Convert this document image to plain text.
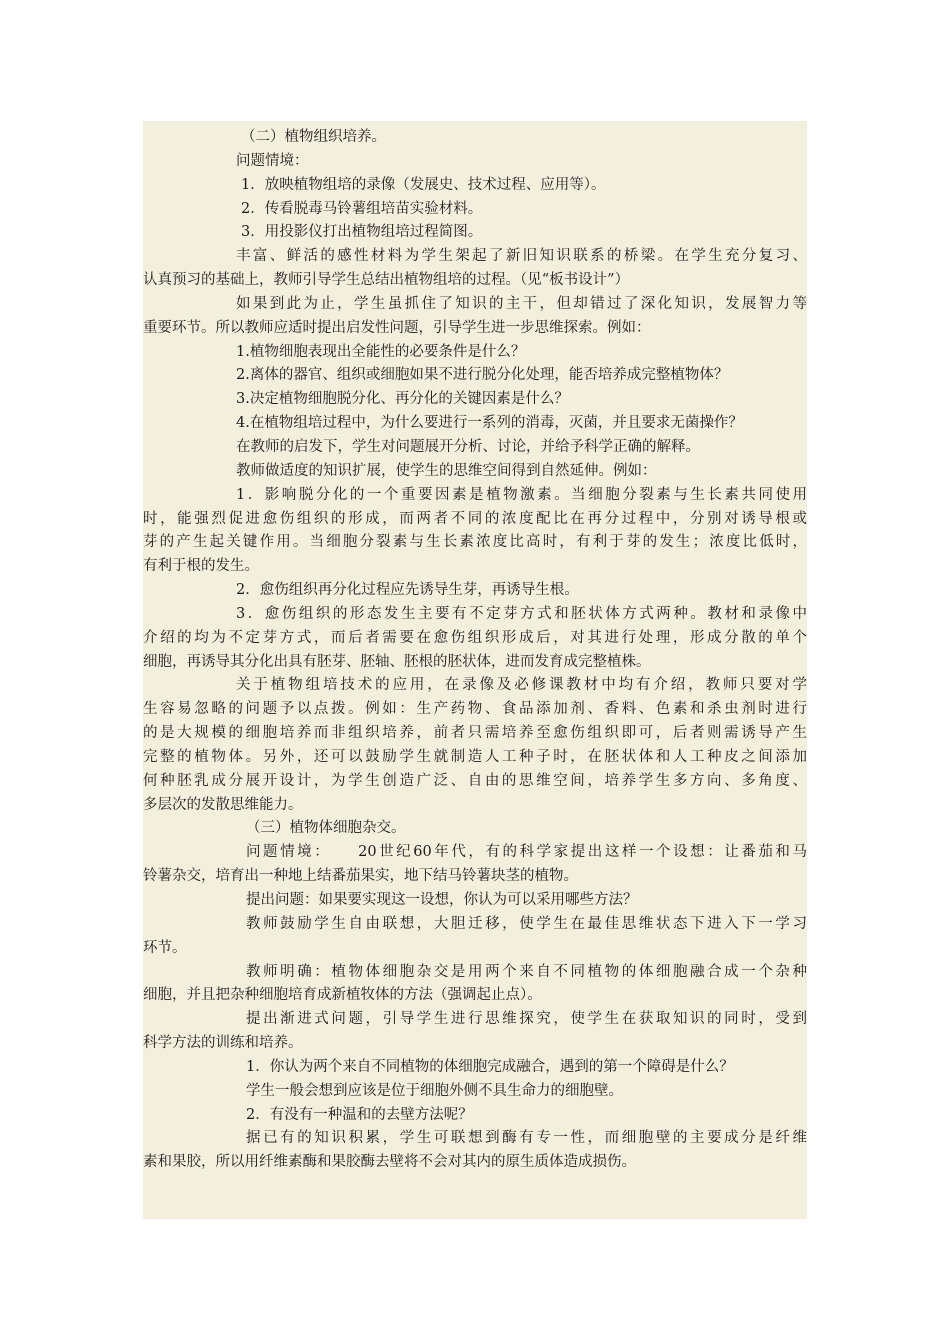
（二）植物组织培养。
问题情境：
1．放映植物组培的录像（发展史、技术过程、应用等）。
2．传看脱毒马铃薯组培苗实验材料。
3．用投影仪打出植物组培过程简图。
丰富、鲜活的感性材料为学生架起了新旧知识联系的桥梁。在学生充分复习、
认真预习的基础上，教师引导学生总结出植物组培的过程。（见“板书设计”）
如果到此为止，学生虽抓住了知识的主干，但却错过了深化知识，发展智力等
重要环节。所以教师应适时提出启发性问题，引导学生进一步思维探索。例如：
1.植物细胞表现出全能性的必要条件是什么？
2.离体的器官、组织或细胞如果不进行脱分化处理，能否培养成完整植物体？
3.决定植物细胞脱分化、再分化的关键因素是什么？
4.在植物组培过程中，为什么要进行一系列的消毒，灭菌，并且要求无菌操作？
在教师的启发下，学生对问题展开分析、讨论，并给予科学正确的解释。
教师做适度的知识扩展，使学生的思维空间得到自然延伸。例如：
1．影响脱分化的一个重要因素是植物激素。当细胞分裂素与生长素共同使用
时，能强烈促进愈伤组织的形成，而两者不同的浓度配比在再分过程中，分别对诱导根或
芽的产生起关键作用。当细胞分裂素与生长素浓度比高时，有利于芽的发生；浓度比低时，
有利于根的发生。
2．愈伤组织再分化过程应先诱导生芽，再诱导生根。
3．愈伤组织的形态发生主要有不定芽方式和胚状体方式两种。教材和录像中
介绍的均为不定芽方式，而后者需要在愈伤组织形成后，对其进行处理，形成分散的单个
细胞，再诱导其分化出具有胚芽、胚轴、胚根的胚状体，进而发育成完整植株。
关于植物组培技术的应用，在录像及必修课教材中均有介绍，教师只要对学
生容易忽略的问题予以点拨。例如：生产药物、食品添加剂、香料、色素和杀虫剂时进行
的是大规模的细胞培养而非组织培养，前者只需培养至愈伤组织即可，后者则需诱导产生
完整的植物体。另外，还可以鼓励学生就制造人工种子时，在胚状体和人工种皮之间添加
何种胚乳成分展开设计，为学生创造广泛、自由的思维空间，培养学生多方向、多角度、
多层次的发散思维能力。
（三）植物体细胞杂交。
问题情境：　　20世纪60年代，有的科学家提出这样一个设想：让番茄和马
铃薯杂交，培育出一种地上结番茄果实，地下结马铃薯块茎的植物。
提出问题：如果要实现这一设想，你认为可以采用哪些方法？
教师鼓励学生自由联想，大胆迁移，使学生在最佳思维状态下进入下一学习
环节。
教师明确：植物体细胞杂交是用两个来自不同植物的体细胞融合成一个杂种
细胞，并且把杂种细胞培育成新植牧体的方法（强调起止点）。
提出渐进式问题，引导学生进行思维探究，使学生在获取知识的同时，受到
科学方法的训练和培养。
1．你认为两个来自不同植物的体细胞完成融合，遇到的第一个障碍是什么？
学生一般会想到应该是位于细胞外侧不具生命力的细胞壁。
2．有没有一种温和的去壁方法呢？
据已有的知识积累，学生可联想到酶有专一性，而细胞壁的主要成分是纤维
素和果胶，所以用纤维素酶和果胶酶去壁将不会对其内的原生质体造成损伤。
